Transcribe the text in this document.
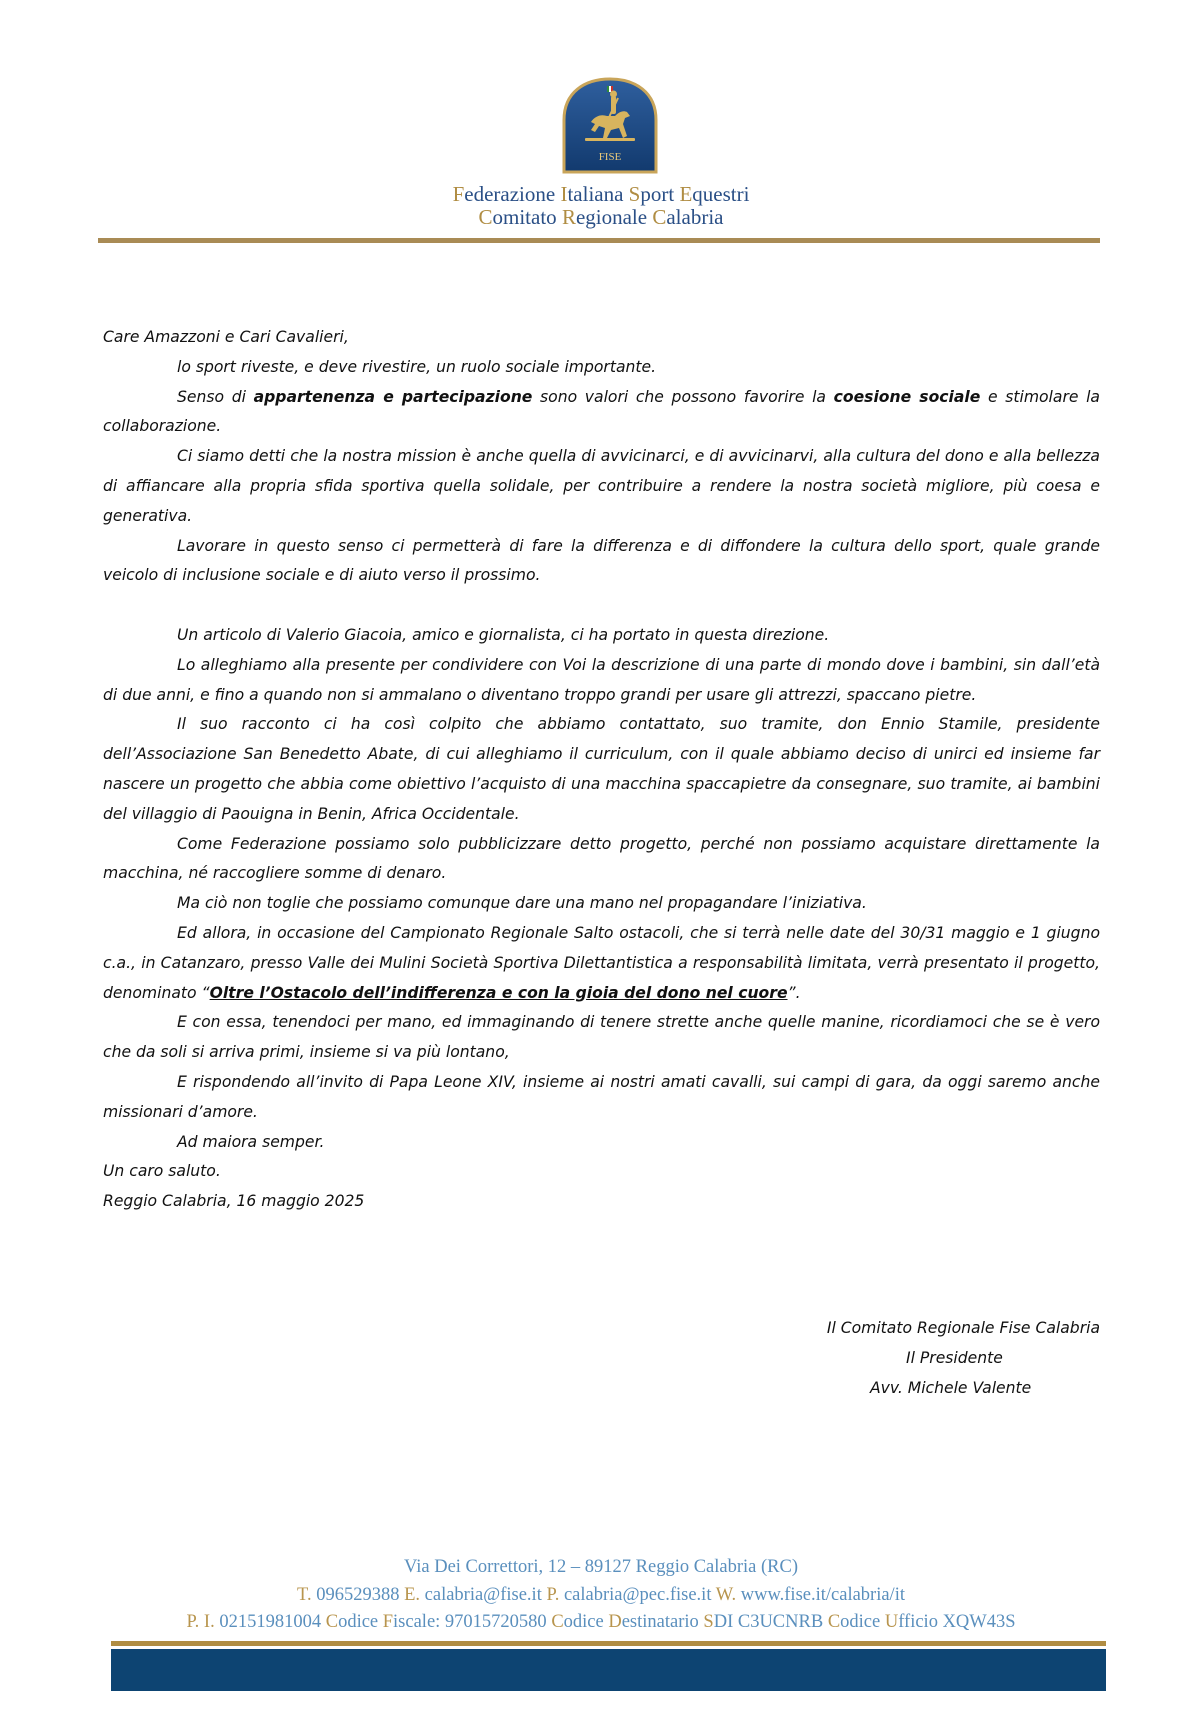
FISE
Federazione Italiana Sport Equestri
Comitato Regionale Calabria

Care Amazzoni e Cari Cavalieri,

lo sport riveste, e deve rivestire, un ruolo sociale importante.

Senso di appartenenza e partecipazione sono valori che possono favorire la coesione sociale e stimolare la collaborazione.

Ci siamo detti che la nostra mission è anche quella di avvicinarci, e di avvicinarvi, alla cultura del dono e alla bellezza di affiancare alla propria sfida sportiva quella solidale, per contribuire a rendere la nostra società migliore, più coesa e generativa.

Lavorare in questo senso ci permetterà di fare la differenza e di diffondere la cultura dello sport, quale grande veicolo di inclusione sociale e di aiuto verso il prossimo.

Un articolo di Valerio Giacoia, amico e giornalista, ci ha portato in questa direzione.

Lo alleghiamo alla presente per condividere con Voi la descrizione di una parte di mondo dove i bambini, sin dall’età di due anni, e fino a quando non si ammalano o diventano troppo grandi per usare gli attrezzi, spaccano pietre.

Il suo racconto ci ha così colpito che abbiamo contattato, suo tramite, don Ennio Stamile, presidente dell’Associazione San Benedetto Abate, di cui alleghiamo il curriculum, con il quale abbiamo deciso di unirci ed insieme far nascere un progetto che abbia come obiettivo l’acquisto di una macchina spaccapietre da consegnare, suo tramite, ai bambini del villaggio di Paouigna in Benin, Africa Occidentale.

Come Federazione possiamo solo pubblicizzare detto progetto, perché non possiamo acquistare direttamente la macchina, né raccogliere somme di denaro.

Ma ciò non toglie che possiamo comunque dare una mano nel propagandare l’iniziativa.

Ed allora, in occasione del Campionato Regionale Salto ostacoli, che si terrà nelle date del 30/31 maggio e 1 giugno c.a., in Catanzaro, presso Valle dei Mulini Società Sportiva Dilettantistica a responsabilità limitata, verrà presentato il progetto, denominato “Oltre l’Ostacolo dell’indifferenza e con la gioia del dono nel cuore”.

E con essa, tenendoci per mano, ed immaginando di tenere strette anche quelle manine, ricordiamoci che se è vero che da soli si arriva primi, insieme si va più lontano,

E rispondendo all’invito di Papa Leone XIV, insieme ai nostri amati cavalli, sui campi di gara, da oggi saremo anche missionari d’amore.

Ad maiora semper.

Un caro saluto.

Reggio Calabria, 16 maggio 2025

Il Comitato Regionale Fise Calabria
Il Presidente
Avv. Michele Valente
Via Dei Correttori, 12 – 89127 Reggio Calabria (RC)
T. 096529388 E. calabria@fise.it P. calabria@pec.fise.it W. www.fise.it/calabria/it
P. I. 02151981004 Codice Fiscale: 97015720580 Codice Destinatario SDI C3UCNRB Codice Ufficio XQW43S
